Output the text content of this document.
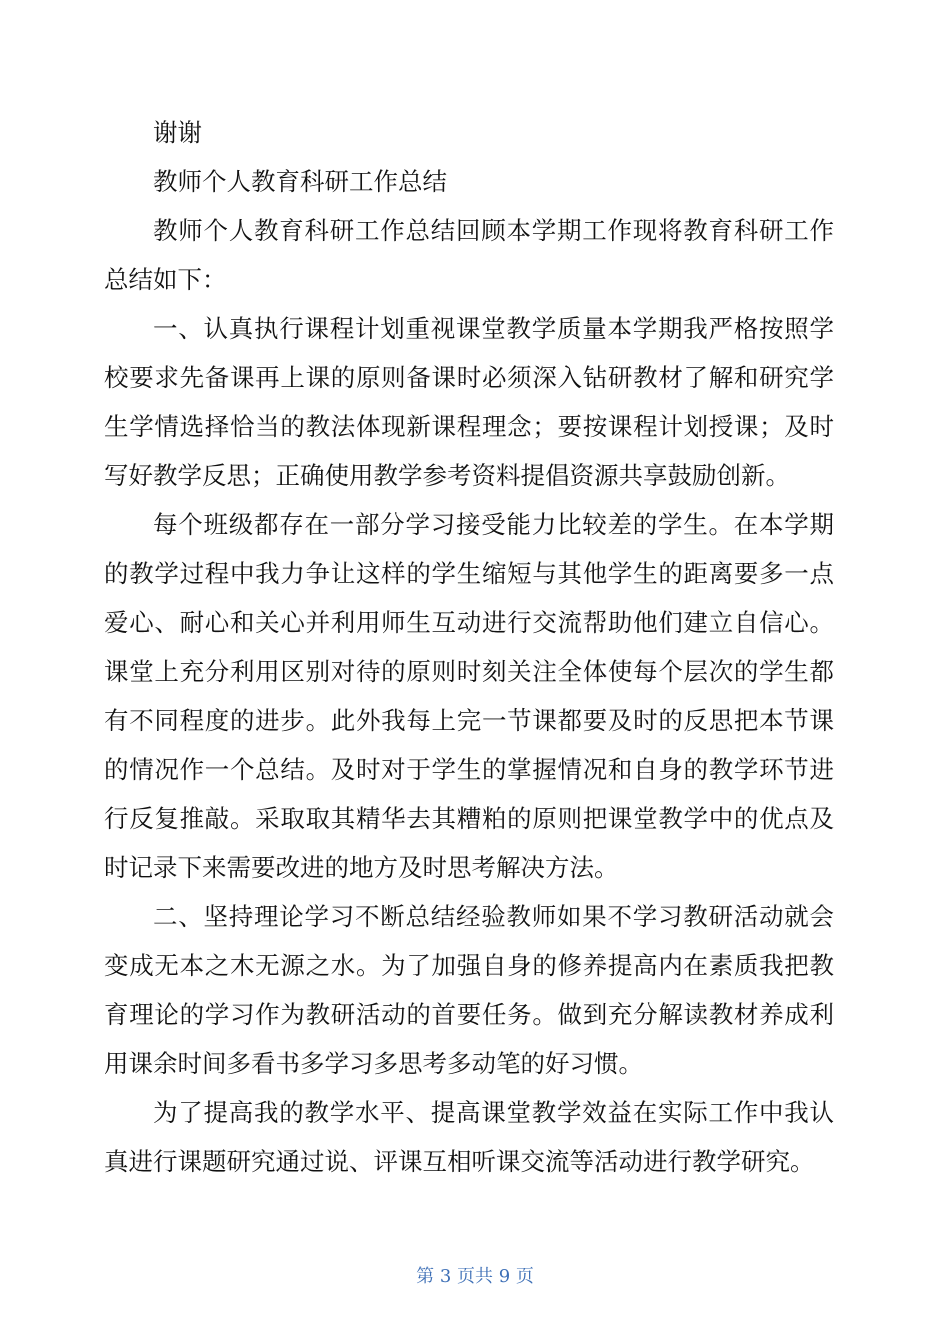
谢谢

教师个人教育科研工作总结

教师个人教育科研工作总结回顾本学期工作现将教育科研工作总结如下：

一、认真执行课程计划重视课堂教学质量本学期我严格按照学校要求先备课再上课的原则备课时必须深入钻研教材了解和研究学生学情选择恰当的教法体现新课程理念；要按课程计划授课；及时写好教学反思；正确使用教学参考资料提倡资源共享鼓励创新。

每个班级都存在一部分学习接受能力比较差的学生。在本学期的教学过程中我力争让这样的学生缩短与其他学生的距离要多一点爱心、耐心和关心并利用师生互动进行交流帮助他们建立自信心。课堂上充分利用区别对待的原则时刻关注全体使每个层次的学生都有不同程度的进步。此外我每上完一节课都要及时的反思把本节课的情况作一个总结。及时对于学生的掌握情况和自身的教学环节进行反复推敲。采取取其精华去其糟粕的原则把课堂教学中的优点及时记录下来需要改进的地方及时思考解决方法。

二、坚持理论学习不断总结经验教师如果不学习教研活动就会变成无本之木无源之水。为了加强自身的修养提高内在素质我把教育理论的学习作为教研活动的首要任务。做到充分解读教材养成利用课余时间多看书多学习多思考多动笔的好习惯。

为了提高我的教学水平、提高课堂教学效益在实际工作中我认真进行课题研究通过说、评课互相听课交流等活动进行教学研究。

第 3 页共 9 页
